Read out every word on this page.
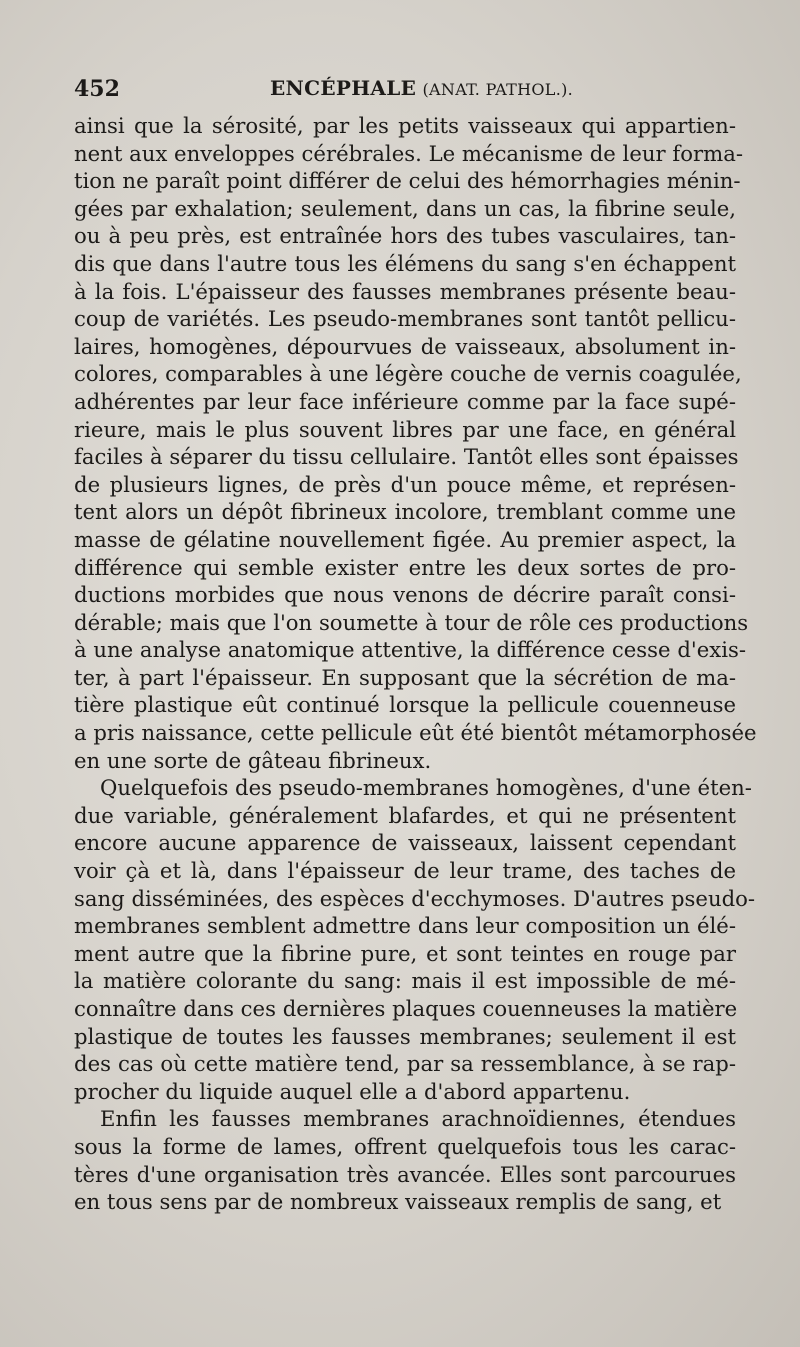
452	ENCÉPHALE (ANAT. PATHOL.).
ainsi que la sérosité, par les petits vaisseaux qui appartien-
nent aux enveloppes cérébrales. Le mécanisme de leur forma-
tion ne paraît point différer de celui des hémorrhagies ménin-
gées par exhalation; seulement, dans un cas, la fibrine seule,
ou à peu près, est entraînée hors des tubes vasculaires, tan-
dis que dans l'autre tous les élémens du sang s'en échappent
à la fois. L'épaisseur des fausses membranes présente beau-
coup de variétés. Les pseudo-membranes sont tantôt pellicu-
laires, homogènes, dépourvues de vaisseaux, absolument in-
colores, comparables à une légère couche de vernis coagulée,
adhérentes par leur face inférieure comme par la face supé-
rieure, mais le plus souvent libres par une face, en général
faciles à séparer du tissu cellulaire. Tantôt elles sont épaisses
de plusieurs lignes, de près d'un pouce même, et représen-
tent alors un dépôt fibrineux incolore, tremblant comme une
masse de gélatine nouvellement figée. Au premier aspect, la
différence qui semble exister entre les deux sortes de pro-
ductions morbides que nous venons de décrire paraît consi-
dérable; mais que l'on soumette à tour de rôle ces productions
à une analyse anatomique attentive, la différence cesse d'exis-
ter, à part l'épaisseur. En supposant que la sécrétion de ma-
tière plastique eût continué lorsque la pellicule couenneuse
a pris naissance, cette pellicule eût été bientôt métamorphosée
en une sorte de gâteau fibrineux.
Quelquefois des pseudo-membranes homogènes, d'une éten-
due variable, généralement blafardes, et qui ne présentent
encore aucune apparence de vaisseaux, laissent cependant
voir çà et là, dans l'épaisseur de leur trame, des taches de
sang disséminées, des espèces d'ecchymoses. D'autres pseudo-
membranes semblent admettre dans leur composition un élé-
ment autre que la fibrine pure, et sont teintes en rouge par
la matière colorante du sang: mais il est impossible de mé-
connaître dans ces dernières plaques couenneuses la matière
plastique de toutes les fausses membranes; seulement il est
des cas où cette matière tend, par sa ressemblance, à se rap-
procher du liquide auquel elle a d'abord appartenu.
Enfin les fausses membranes arachnoïdiennes, étendues
sous la forme de lames, offrent quelquefois tous les carac-
tères d'une organisation très avancée. Elles sont parcourues
en tous sens par de nombreux vaisseaux remplis de sang, et
